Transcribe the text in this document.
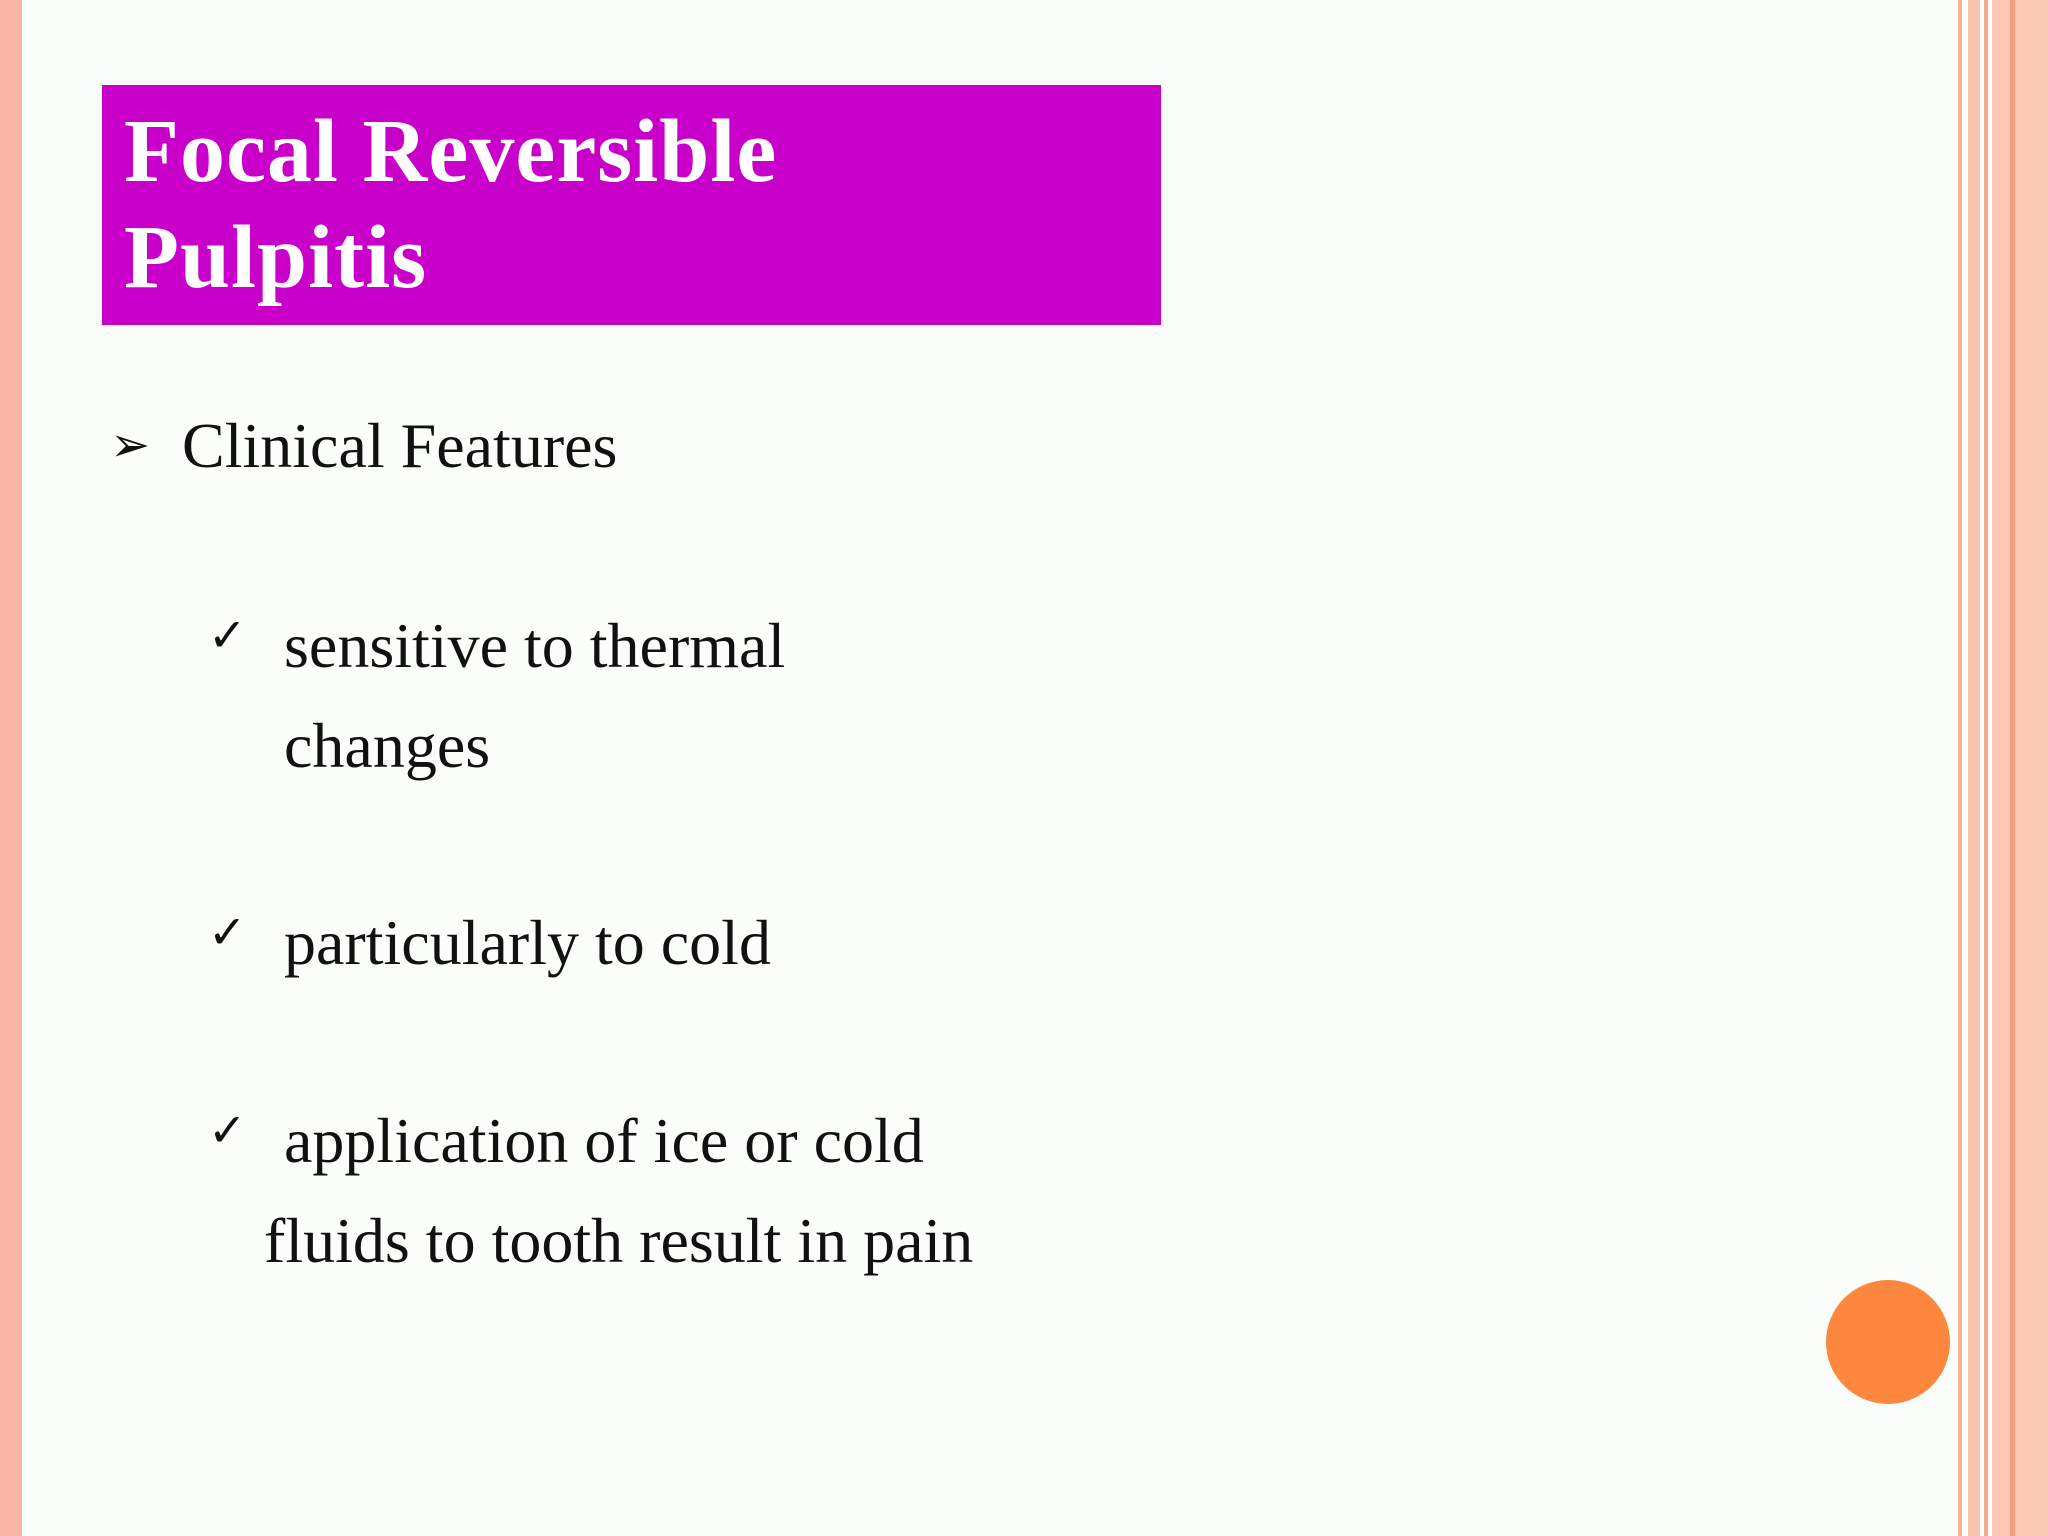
Focal Reversible
Pulpitis
➢ Clinical Features
✓ sensitive to thermal
changes
✓ particularly to cold
✓ application of ice or cold
fluids to tooth result in pain
